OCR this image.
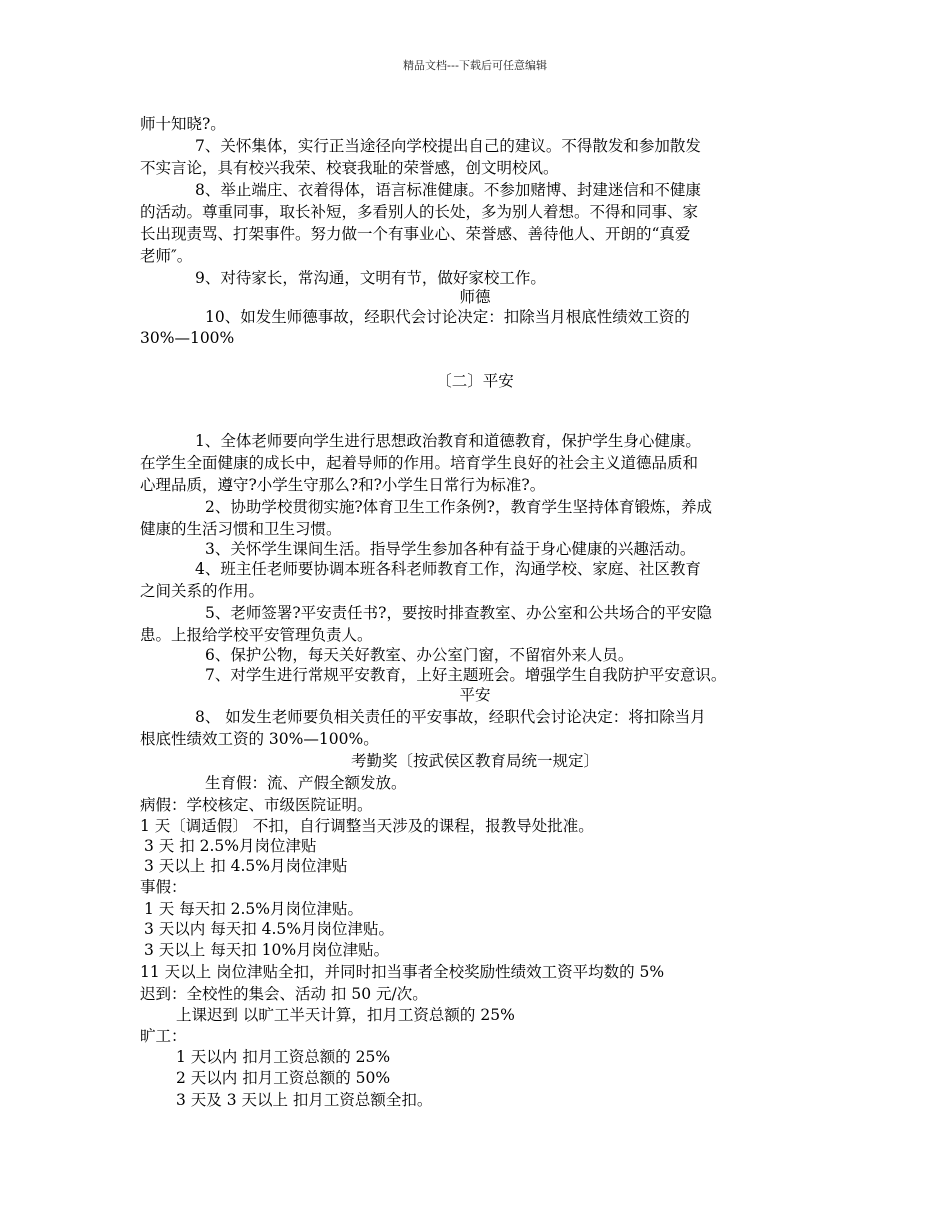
精品文档---下载后可任意编辑
师十知晓?。
7、关怀集体，实行正当途径向学校提出自己的建议。不得散发和参加散发
不实言论，具有校兴我荣、校衰我耻的荣誉感，创文明校风。
8、举止端庄、衣着得体，语言标准健康。不参加赌博、封建迷信和不健康
的活动。尊重同事，取长补短，多看别人的长处，多为别人着想。不得和同事、家
长出现责骂、打架事件。努力做一个有事业心、荣誉感、善待他人、开朗的“真爱
老师″。
9、对待家长，常沟通，文明有节，做好家校工作。
师德
10、如发生师德事故，经职代会讨论决定：扣除当月根底性绩效工资的
30%—100%
〔二〕平安
1、全体老师要向学生进行思想政治教育和道德教育，保护学生身心健康。
在学生全面健康的成长中，起着导师的作用。培育学生良好的社会主义道德品质和
心理品质，遵守?小学生守那么?和?小学生日常行为标准?。
2、协助学校贯彻实施?体育卫生工作条例?，教育学生坚持体育锻炼，养成
健康的生活习惯和卫生习惯。
3、关怀学生课间生活。指导学生参加各种有益于身心健康的兴趣活动。
4、班主任老师要协调本班各科老师教育工作，沟通学校、家庭、社区教育
之间关系的作用。
5、老师签署?平安责任书?，要按时排查教室、办公室和公共场合的平安隐
患。上报给学校平安管理负责人。
6、保护公物，每天关好教室、办公室门窗，不留宿外来人员。
7、对学生进行常规平安教育，上好主题班会。增强学生自我防护平安意识。
平安
8、 如发生老师要负相关责任的平安事故，经职代会讨论决定：将扣除当月
根底性绩效工资的 30%—100%。
考勤奖〔按武侯区教育局统一规定〕
生育假：流、产假全额发放。
病假：学校核定、市级医院证明。
1 天〔调适假〕 不扣，自行调整当天涉及的课程，报教导处批准。
3 天 扣 2.5%月岗位津贴
3 天以上 扣 4.5%月岗位津贴
事假：
1 天 每天扣 2.5%月岗位津贴。
3 天以内 每天扣 4.5%月岗位津贴。
3 天以上 每天扣 10%月岗位津贴。
11 天以上 岗位津贴全扣，并同时扣当事者全校奖励性绩效工资平均数的 5%
迟到：全校性的集会、活动 扣 50 元/次。
上课迟到 以旷工半天计算，扣月工资总额的 25%
旷工：
1 天以内 扣月工资总额的 25%
2 天以内 扣月工资总额的 50%
3 天及 3 天以上 扣月工资总额全扣。
